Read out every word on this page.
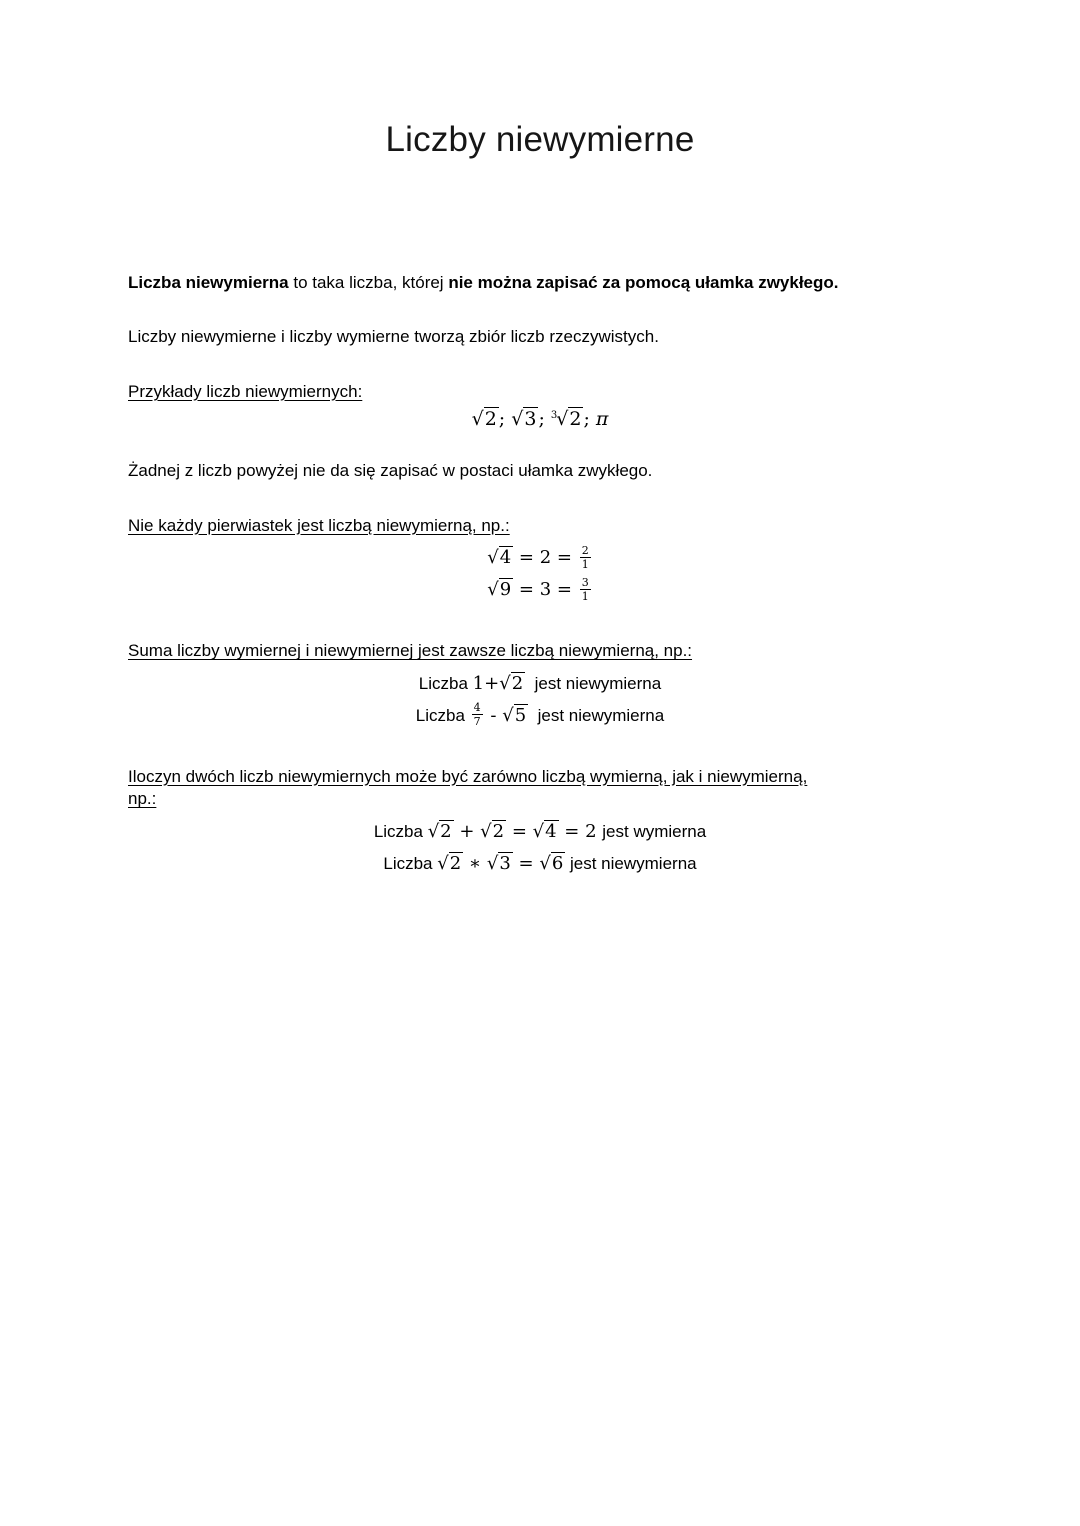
Liczby niewymierne

Liczba niewymierna to taka liczba, której nie można zapisać za pomocą ułamka zwykłego.

Liczby niewymierne i liczby wymierne tworzą zbiór liczb rzeczywistych.

Przykłady liczb niewymiernych:

√2 ; √3 ; $^3$√2 ; π

Żadnej z liczb powyżej nie da się zapisać w postaci ułamka zwykłego.

Nie każdy pierwiastek jest liczbą niewymierną, np.:

$√4 = 2 = \frac{2}{1}$
$√9 = 3 = \frac{3}{1}$

Suma liczby wymiernej i niewymiernej jest zawsze liczbą niewymierną, np.:

Liczba 1+√2  jest niewymierna
Liczba $\frac{4}{7} - √5$  jest niewymierna

Iloczyn dwóch liczb niewymiernych może być zarówno liczbą wymierną, jak i niewymierną,
np.:

Liczba √2 + √2 = √4 = 2 jest wymierna
Liczba √2 ∗ √3 = √6 jest niewymierna
